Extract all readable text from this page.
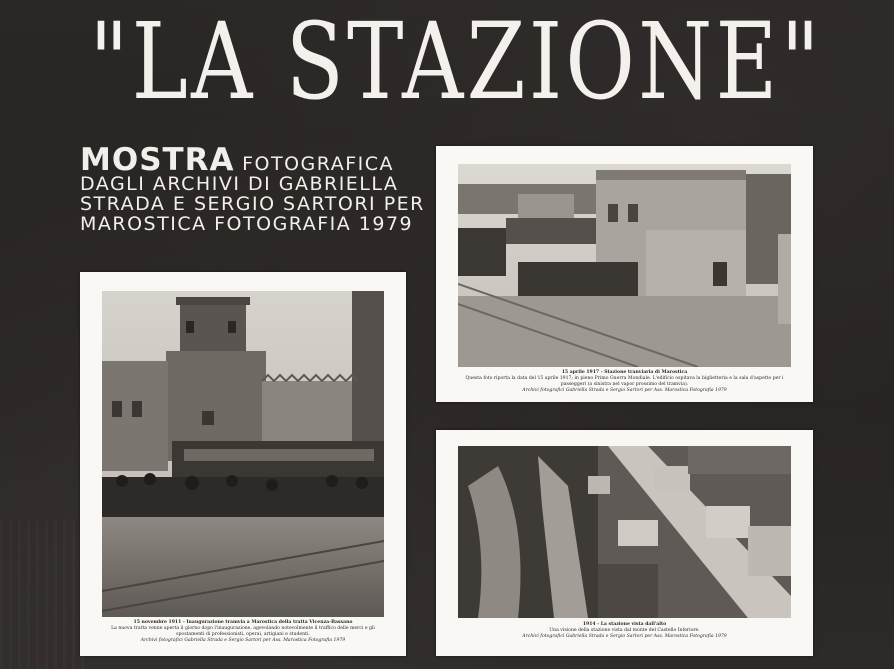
"LA STAZIONE"
MOSTRA FOTOGRAFICA
DAGLI ARCHIVI DI GABRIELLA
STRADA E SERGIO SARTORI PER
MAROSTICA FOTOGRAFIA 1979
15 novembre 1911 - Inaugurazione tramvia a Marostica della tratta Vicenza-Bassano
La nuova tratta venne aperta il giorno dopo l'inaugurazione, agevolando notevolmente il traffico delle merci e gli spostamenti di professionisti, operai, artigiani e studenti.
Archivi fotografici Gabriella Strada e Sergio Sartori per Ass. Marostica Fotografia 1979
15 aprile 1917 - Stazione tranviaria di Marostica
Questa foto riporta la data del 15 aprile 1917; in pieno Primo Guerra Mondiale. L'edificio ospitava la biglietteria e la sala d'aspetto per i passeggeri (a sinistra nel vapor prossimo del tramvia).
Archivi fotografici Gabriella Strada e Sergio Sartori per Ass. Marostica Fotografia 1979
1914 - La stazione vista dall'alto
Una visione della stazione vista dal monte del Castello Inferiore.
Archivi fotografici Gabriella Strada e Sergio Sartori per Ass. Marostica Fotografia 1979
